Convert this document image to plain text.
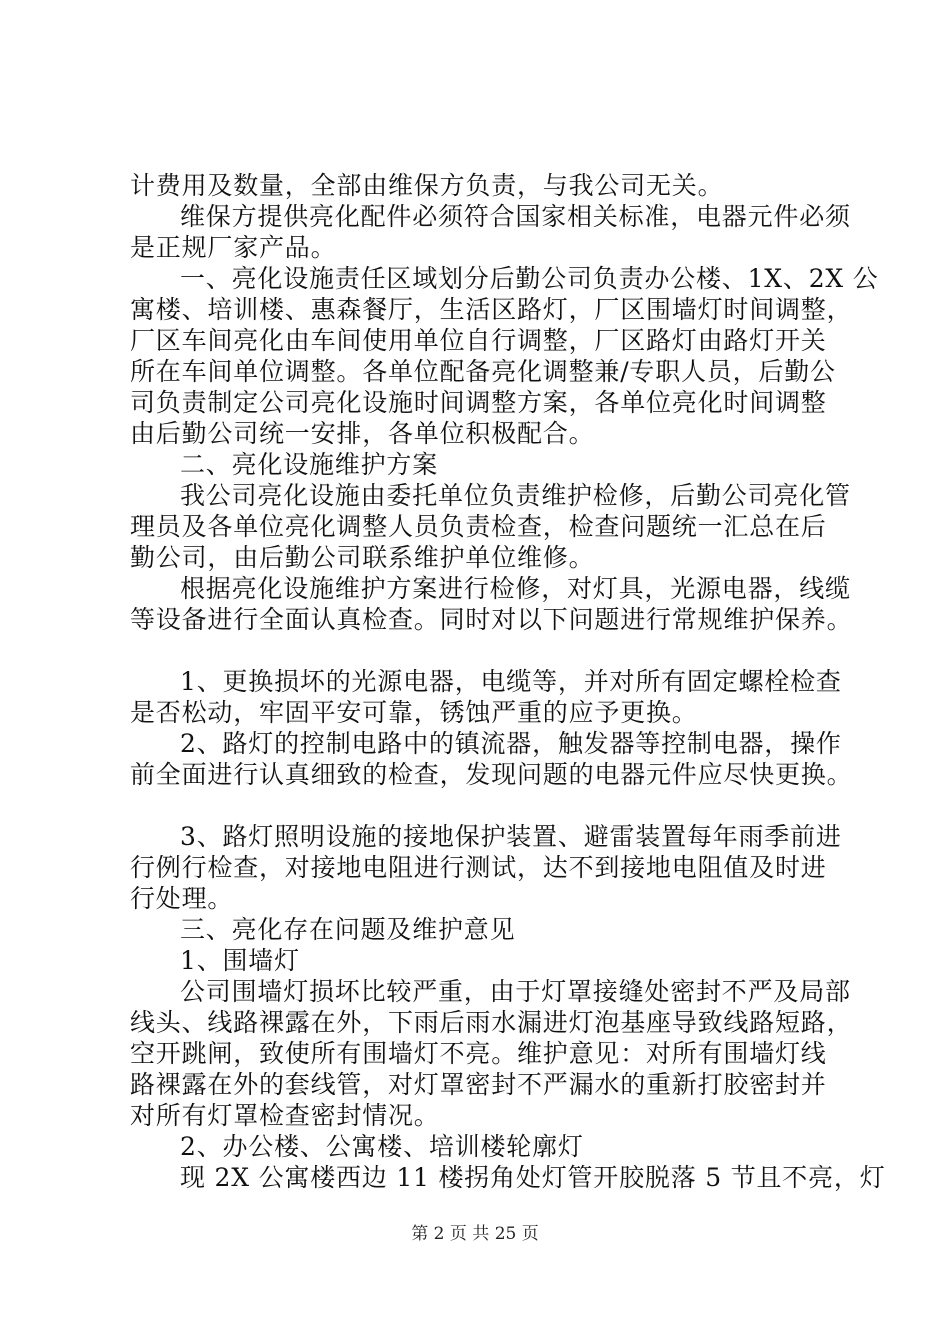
计费用及数量，全部由维保方负责，与我公司无关。
维保方提供亮化配件必须符合国家相关标准，电器元件必须
是正规厂家产品。
一、亮化设施责任区域划分后勤公司负责办公楼、1X、2X 公
寓楼、培训楼、惠森餐厅，生活区路灯，厂区围墙灯时间调整，
厂区车间亮化由车间使用单位自行调整，厂区路灯由路灯开关
所在车间单位调整。各单位配备亮化调整兼/专职人员，后勤公
司负责制定公司亮化设施时间调整方案，各单位亮化时间调整
由后勤公司统一安排，各单位积极配合。
二、亮化设施维护方案
我公司亮化设施由委托单位负责维护检修，后勤公司亮化管
理员及各单位亮化调整人员负责检查，检查问题统一汇总在后
勤公司，由后勤公司联系维护单位维修。
根据亮化设施维护方案进行检修，对灯具，光源电器，线缆
等设备进行全面认真检查。同时对以下问题进行常规维护保养。
1、更换损坏的光源电器，电缆等，并对所有固定螺栓检查
是否松动，牢固平安可靠，锈蚀严重的应予更换。
2、路灯的控制电路中的镇流器，触发器等控制电器，操作
前全面进行认真细致的检查，发现问题的电器元件应尽快更换。
3、路灯照明设施的接地保护装置、避雷装置每年雨季前进
行例行检查，对接地电阻进行测试，达不到接地电阻值及时进
行处理。
三、亮化存在问题及维护意见
1、围墙灯
公司围墙灯损坏比较严重，由于灯罩接缝处密封不严及局部
线头、线路裸露在外，下雨后雨水漏进灯泡基座导致线路短路，
空开跳闸，致使所有围墙灯不亮。维护意见：对所有围墙灯线
路裸露在外的套线管，对灯罩密封不严漏水的重新打胶密封并
对所有灯罩检查密封情况。
2、办公楼、公寓楼、培训楼轮廓灯
现 2X 公寓楼西边 11 楼拐角处灯管开胶脱落 5 节且不亮，灯
第 2 页 共 25 页
